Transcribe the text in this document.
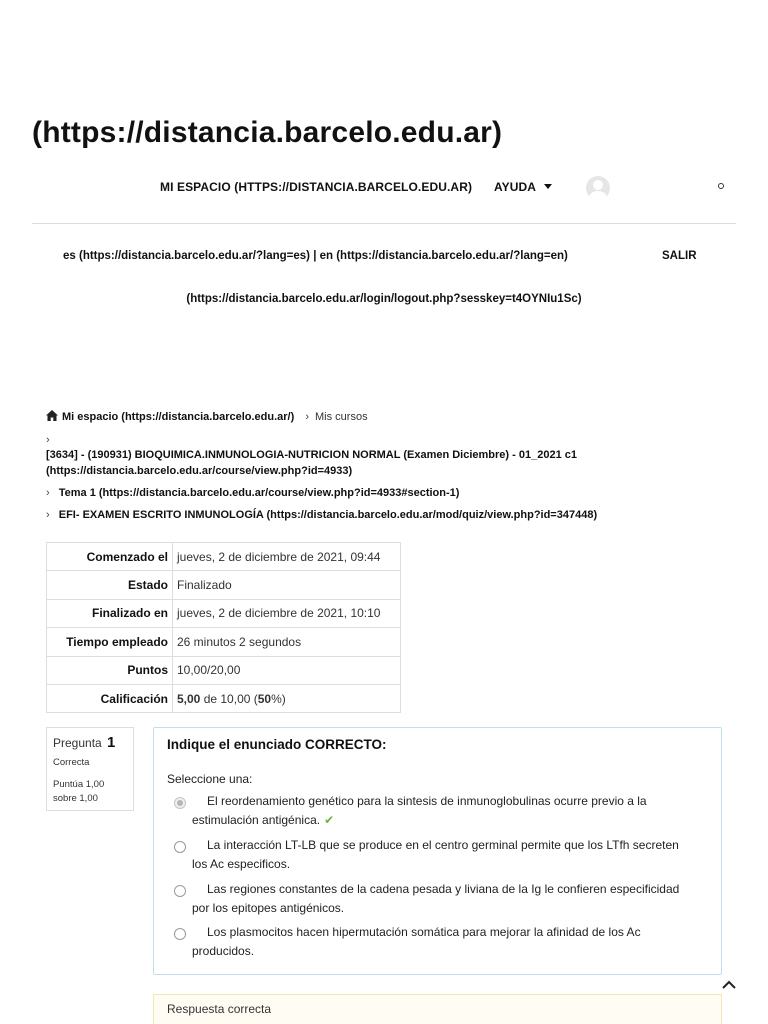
(https://distancia.barcelo.edu.ar)
MI ESPACIO (HTTPS://DISTANCIA.BARCELO.EDU.AR) AYUDA
es (https://distancia.barcelo.edu.ar/?lang=es) | en (https://distancia.barcelo.edu.ar/?lang=en)	SALIR
(https://distancia.barcelo.edu.ar/login/logout.php?sesskey=t4OYNIu1Sc)
Mi espacio (https://distancia.barcelo.edu.ar/) › Mis cursos
›
[3634] - (190931) BIOQUIMICA.INMUNOLOGIA-NUTRICION NORMAL (Examen Diciembre) - 01_2021 c1
(https://distancia.barcelo.edu.ar/course/view.php?id=4933)
› Tema 1 (https://distancia.barcelo.edu.ar/course/view.php?id=4933#section-1)
› EFI- EXAMEN ESCRITO INMUNOLOGÍA (https://distancia.barcelo.edu.ar/mod/quiz/view.php?id=347448)
Comenzado el	jueves, 2 de diciembre de 2021, 09:44
Estado	Finalizado
Finalizado en	jueves, 2 de diciembre de 2021, 10:10
Tiempo empleado	26 minutos 2 segundos
Puntos	10,00/20,00
Calificación	5,00 de 10,00 (50%)
Pregunta 1
Correcta
Puntúa 1,00
sobre 1,00
Indique el enunciado CORRECTO:
Seleccione una:
El reordenamiento genético para la sintesis de inmunoglobulinas ocurre previo a la estimulación antigénica. ✔
La interacción LT-LB que se produce en el centro germinal permite que los LTfh secreten los Ac especificos.
Las regiones constantes de la cadena pesada y liviana de la Ig le confieren especificidad por los epitopes antigénicos.
Los plasmocitos hacen hipermutación somática para mejorar la afinidad de los Ac producidos.
Respuesta correcta
